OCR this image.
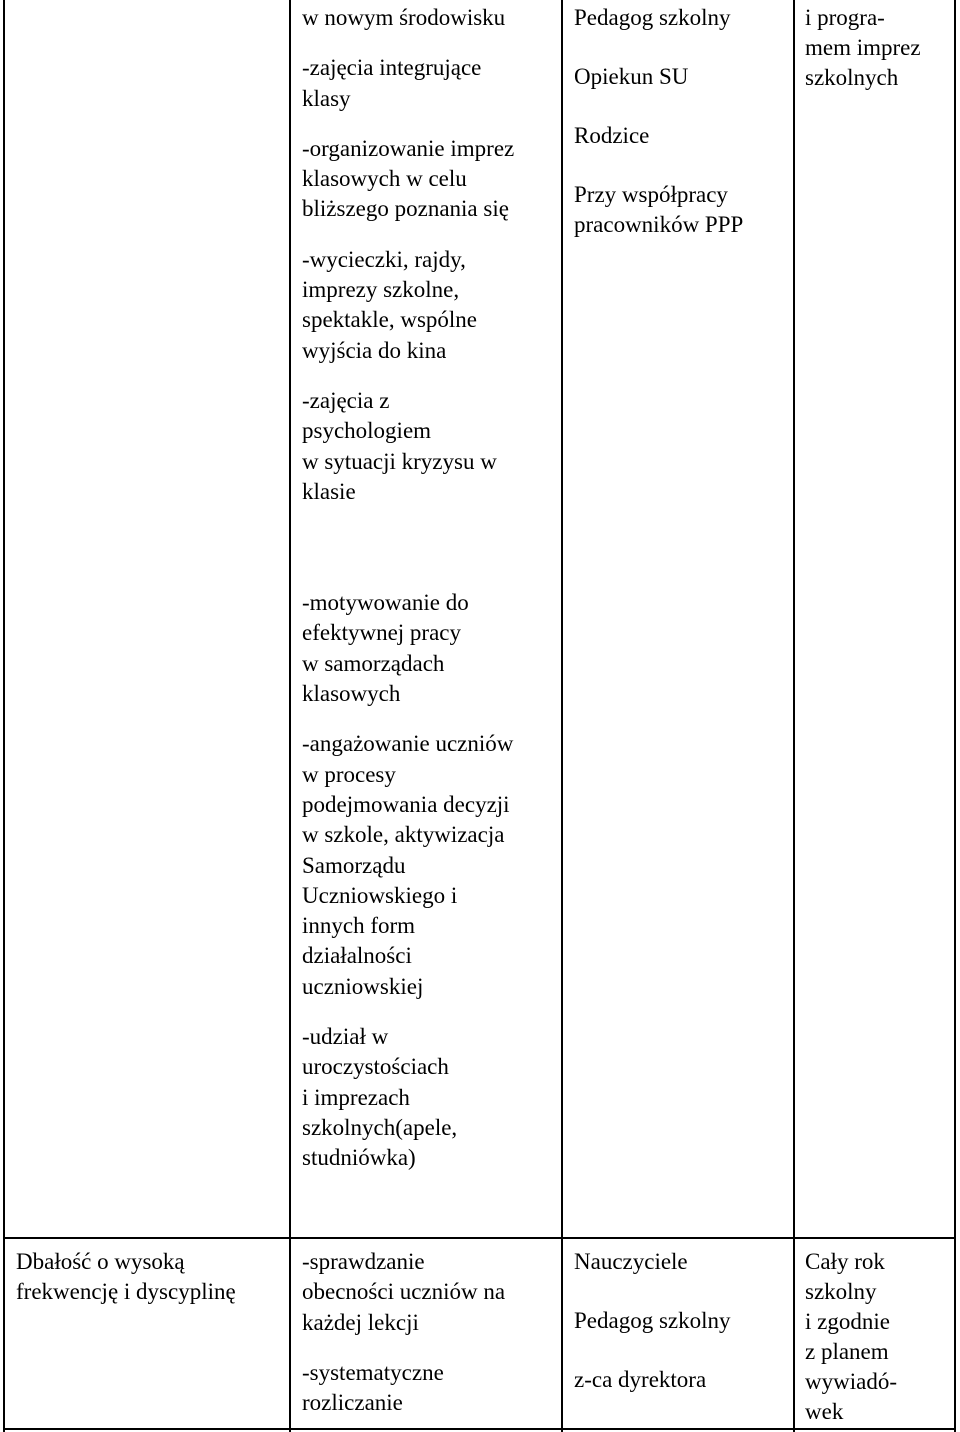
w nowym środowisku

-zajęcia integrujące
klasy

-organizowanie imprez
klasowych w celu
bliższego poznania się

-wycieczki, rajdy,
imprezy szkolne,
spektakle, wspólne
wyjścia do kina

-zajęcia z
psychologiem
w sytuacji kryzysu w
klasie

-motywowanie do
efektywnej pracy
w samorządach
klasowych

-angażowanie uczniów
w procesy
podejmowania decyzji
w szkole, aktywizacja
Samorządu
Uczniowskiego i
innych form
działalności
uczniowskiej

-udział w
uroczystościach
i imprezach
szkolnych(apele,
studniówka)

Pedagog szkolny

Opiekun SU

Rodzice

Przy współpracy
pracowników PPP

i progra-
mem imprez
szkolnych

Dbałość o wysoką
frekwencję i dyscyplinę

-sprawdzanie
obecności uczniów na
każdej lekcji

-systematyczne
rozliczanie

Nauczyciele

Pedagog szkolny

z-ca dyrektora

Cały rok
szkolny
i zgodnie
z planem
wywiadó-
wek
